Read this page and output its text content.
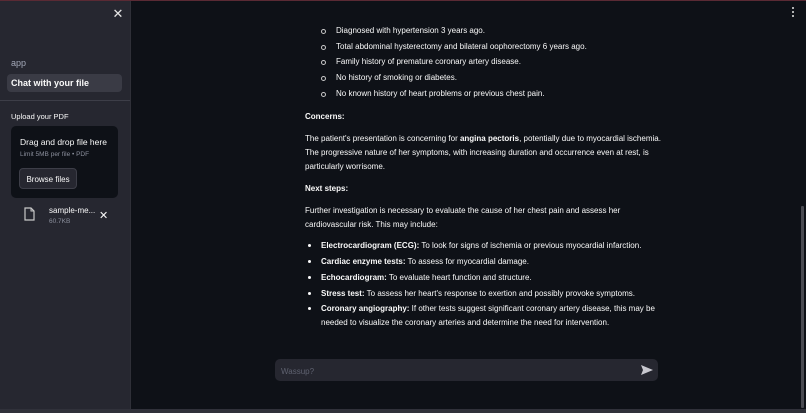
✕
app
Chat with your file
Upload your PDF
Drag and drop file here
Limit 5MB per file • PDF
Browse files
sample-me...
60.7KB	✕
Diagnosed with hypertension 3 years ago.
Total abdominal hysterectomy and bilateral oophorectomy 6 years ago.
Family history of premature coronary artery disease.
No history of smoking or diabetes.
No known history of heart problems or previous chest pain.

Concerns:

The patient's presentation is concerning for angina pectoris, potentially due to myocardial ischemia. The progressive nature of her symptoms, with increasing duration and occurrence even at rest, is particularly worrisome.

Next steps:

Further investigation is necessary to evaluate the cause of her chest pain and assess her cardiovascular risk. This may include:

Electrocardiogram (ECG): To look for signs of ischemia or previous myocardial infarction.
Cardiac enzyme tests: To assess for myocardial damage.
Echocardiogram: To evaluate heart function and structure.
Stress test: To assess her heart's response to exertion and possibly provoke symptoms.
Coronary angiography: If other tests suggest significant coronary artery disease, this may be needed to visualize the coronary arteries and determine the need for intervention.
Wassup?
